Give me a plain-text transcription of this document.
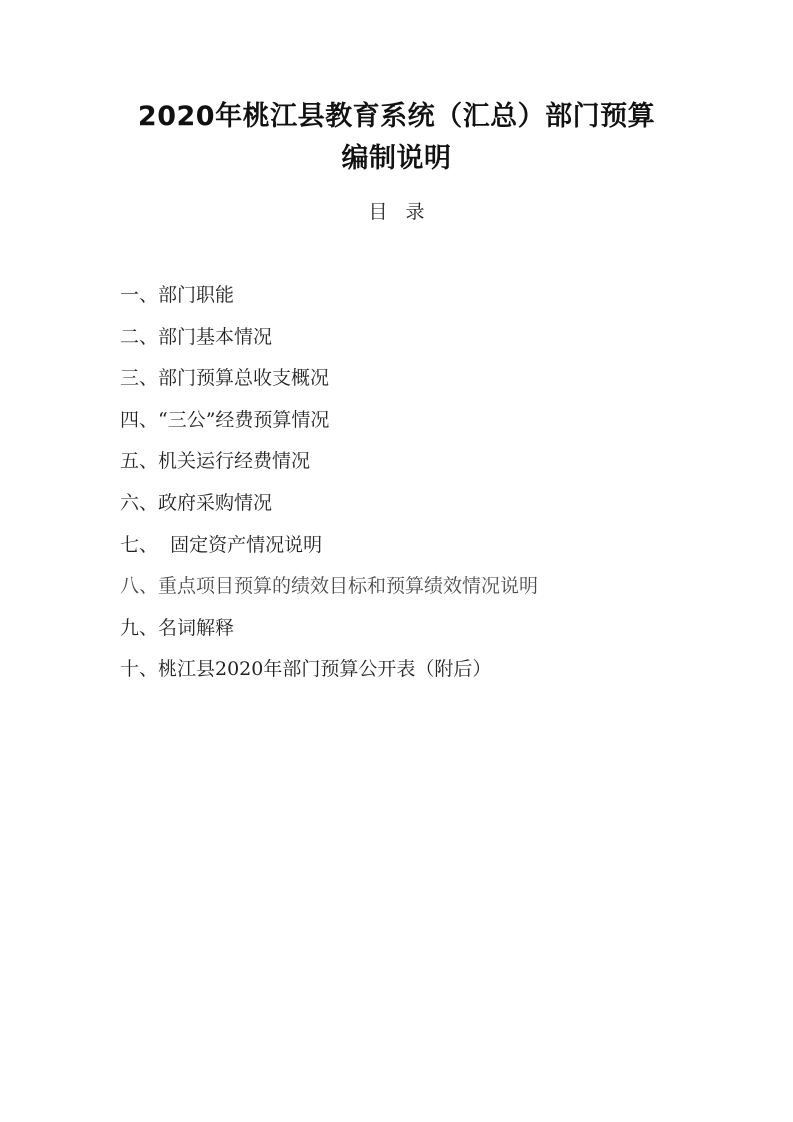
2020年桃江县教育系统（汇总）部门预算
编制说明
目录
一、部门职能
二、部门基本情况
三、部门预算总收支概况
四、“三公”经费预算情况
五、机关运行经费情况
六、政府采购情况
七、  固定资产情况说明
八、重点项目预算的绩效目标和预算绩效情况说明
九、名词解释
十、桃江县2020年部门预算公开表（附后）
